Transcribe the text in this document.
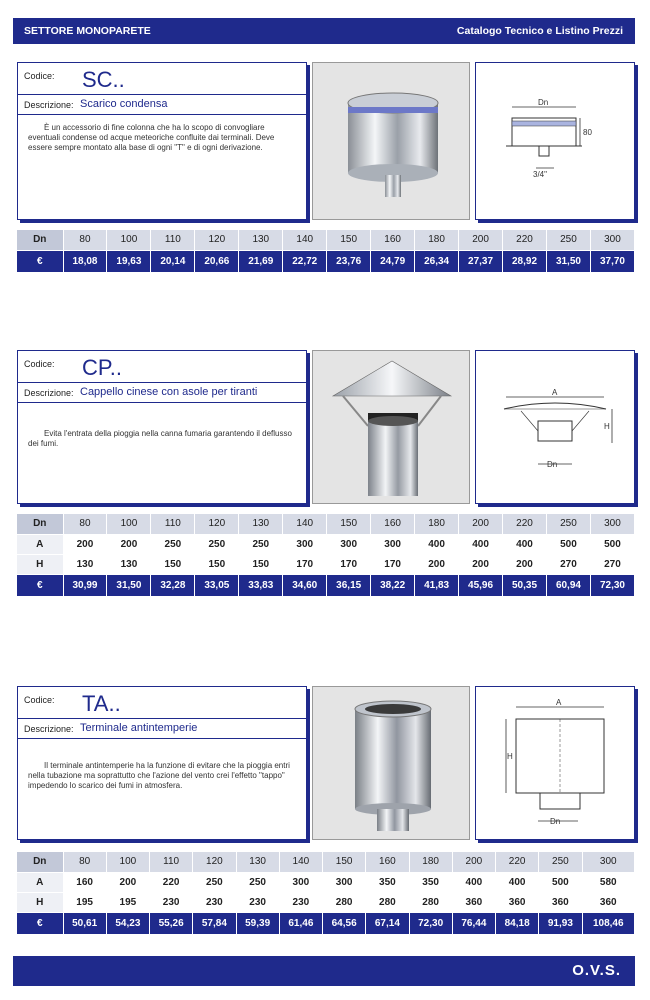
SETTORE MONOPARETE	Catalogo Tecnico e Listino Prezzi
Codice: SC..
Descrizione: Scarico condensa
È un accessorio di fine colonna che ha lo scopo di convogliare eventuali condense od acque meteoriche confluite dai terminali. Deve essere sempre montato alla base di ogni "T" e di ogni derivazione.
Dn
80
3/4"
Dn	80	100	110	120	130	140	150	160	180	200	220	250	300
€	18,08	19,63	20,14	20,66	21,69	22,72	23,76	24,79	26,34	27,37	28,92	31,50	37,70
Codice: CP..
Descrizione: Cappello cinese con asole per tiranti
Evita l'entrata della pioggia nella canna fumaria garantendo il deflusso dei fumi.
A
H
Dn
Dn	80	100	110	120	130	140	150	160	180	200	220	250	300
A	200	200	250	250	250	300	300	300	400	400	400	500	500
H	130	130	150	150	150	170	170	170	200	200	200	270	270
€	30,99	31,50	32,28	33,05	33,83	34,60	36,15	38,22	41,83	45,96	50,35	60,94	72,30
Codice: TA..
Descrizione: Terminale antintemperie
Il terminale antintemperie ha la funzione di evitare che la pioggia entri nella tubazione ma soprattutto che l'azione del vento crei l'effetto "tappo" impedendo lo scarico dei fumi in atmosfera.
A
H
Dn
Dn	80	100	110	120	130	140	150	160	180	200	220	250	300
A	160	200	220	250	250	300	300	350	350	400	400	500	580
H	195	195	230	230	230	230	280	280	280	360	360	360	360
€	50,61	54,23	55,26	57,84	59,39	61,46	64,56	67,14	72,30	76,44	84,18	91,93	108,46
O.V.S.
